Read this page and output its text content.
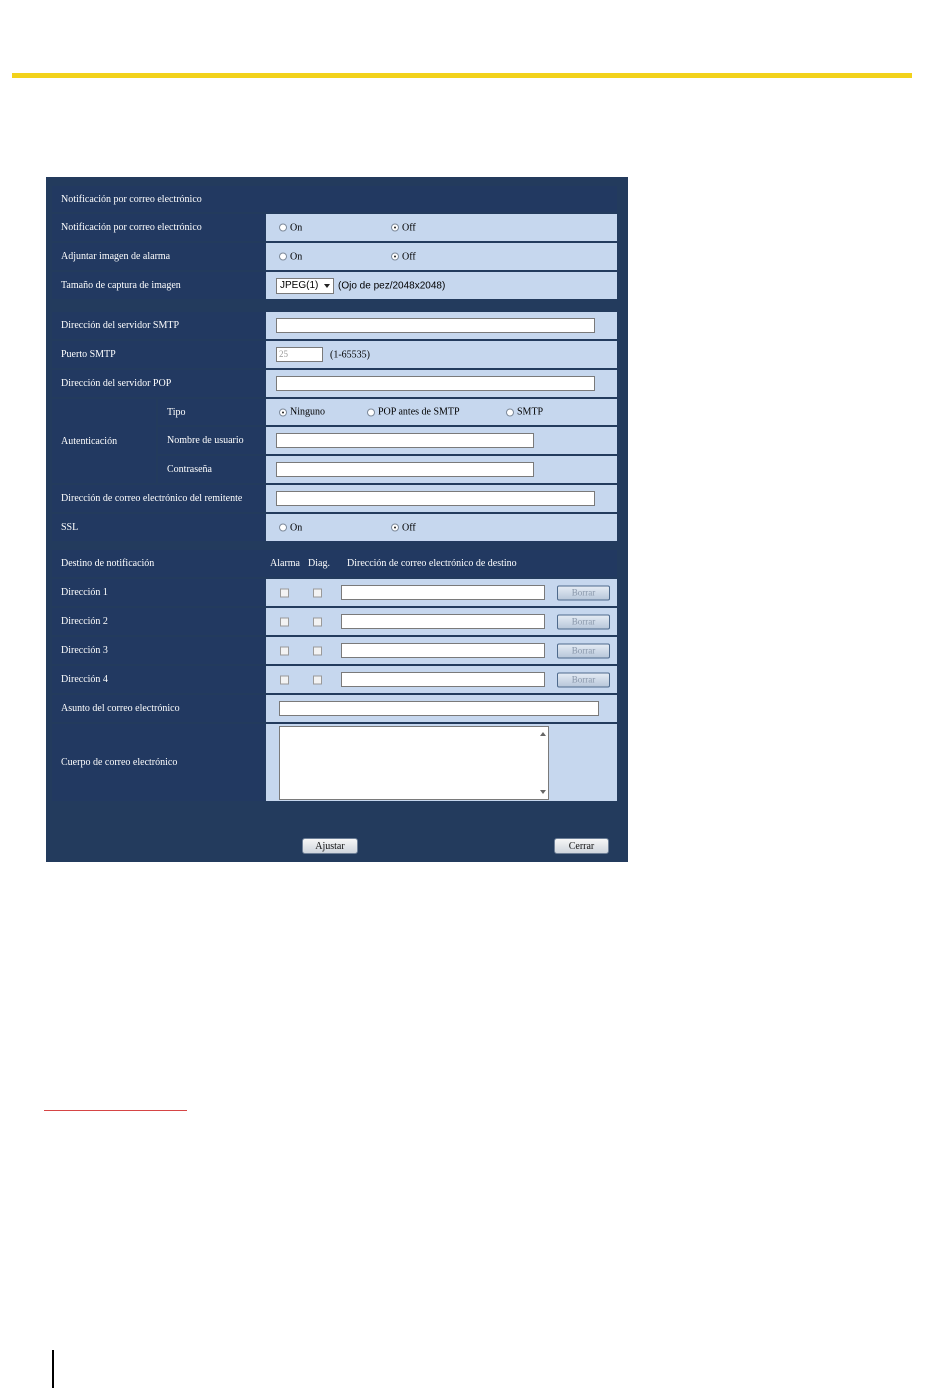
Notificación por correo electrónico
Notificación por correo electrónico	On	Off
Adjuntar imagen de alarma	On	Off
Tamaño de captura de imagen	JPEG(1) (Ojo de pez/2048x2048)
Dirección del servidor SMTP
Puerto SMTP	25	(1-65535)
Dirección del servidor POP
Autenticación
Tipo	Ninguno	POP antes de SMTP	SMTP
Nombre de usuario
Contraseña
Dirección de correo electrónico del remitente
SSL	On	Off
Destino de notificación	Alarma Diag. Dirección de correo electrónico de destino
Dirección 1	Borrar
Dirección 2	Borrar
Dirección 3	Borrar
Dirección 4	Borrar
Asunto del correo electrónico
Cuerpo de correo electrónico
Ajustar	Cerrar
